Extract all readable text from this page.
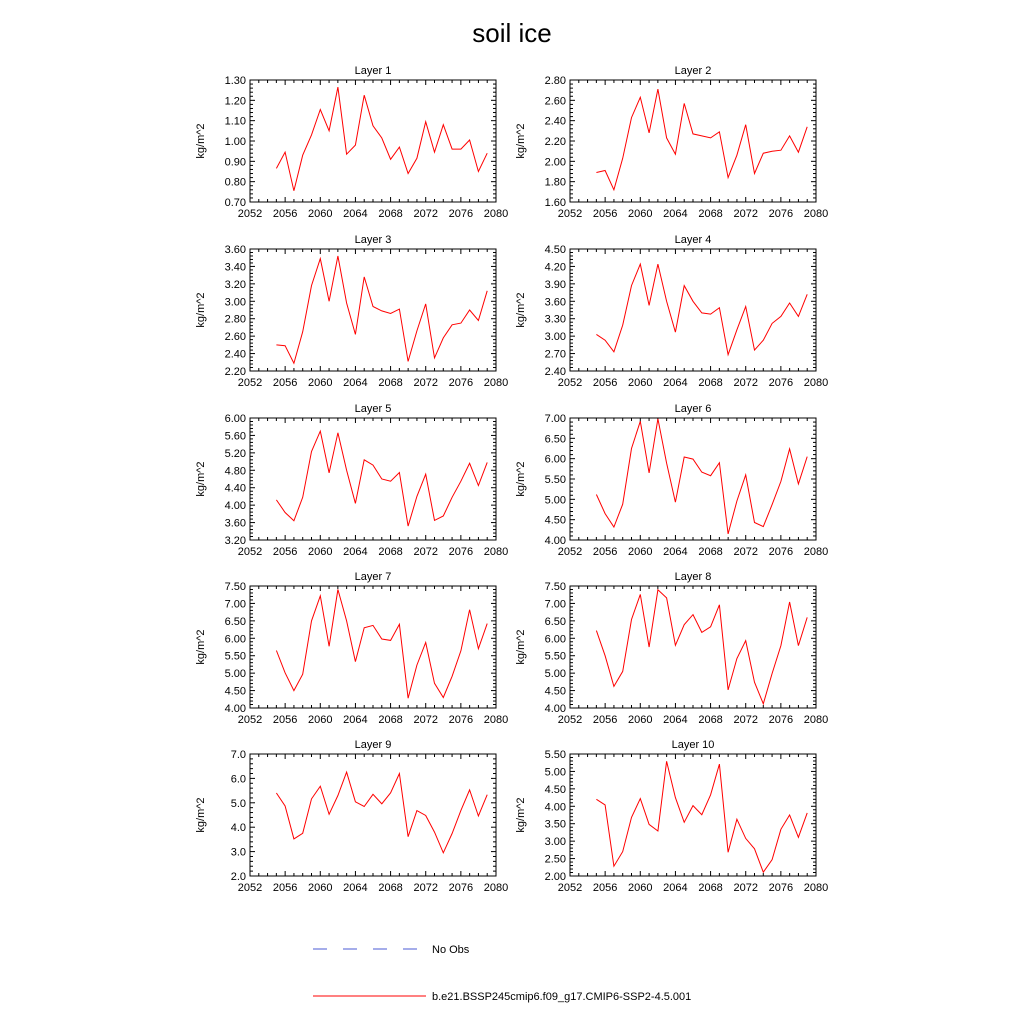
soil ice
Layer 1
kg/m^2
0.70
0.80
0.90
1.00
1.10
1.20
1.30
2052 2056 2060 2064 2068 2072 2076 2080
Layer 2
kg/m^2
1.60
1.80
2.00
2.20
2.40
2.60
2.80
2052 2056 2060 2064 2068 2072 2076 2080
Layer 3
kg/m^2
2.20
2.40
2.60
2.80
3.00
3.20
3.40
3.60
2052 2056 2060 2064 2068 2072 2076 2080
Layer 4
kg/m^2
2.40
2.70
3.00
3.30
3.60
3.90
4.20
4.50
2052 2056 2060 2064 2068 2072 2076 2080
Layer 5
kg/m^2
3.20
3.60
4.00
4.40
4.80
5.20
5.60
6.00
2052 2056 2060 2064 2068 2072 2076 2080
Layer 6
kg/m^2
4.00
4.50
5.00
5.50
6.00
6.50
7.00
2052 2056 2060 2064 2068 2072 2076 2080
Layer 7
kg/m^2
4.00
4.50
5.00
5.50
6.00
6.50
7.00
7.50
2052 2056 2060 2064 2068 2072 2076 2080
Layer 8
kg/m^2
4.00
4.50
5.00
5.50
6.00
6.50
7.00
7.50
2052 2056 2060 2064 2068 2072 2076 2080
Layer 9
kg/m^2
2.0
3.0
4.0
5.0
6.0
7.0
2052 2056 2060 2064 2068 2072 2076 2080
Layer 10
kg/m^2
2.00
2.50
3.00
3.50
4.00
4.50
5.00
5.50
2052 2056 2060 2064 2068 2072 2076 2080
No Obs
b.e21.BSSP245cmip6.f09_g17.CMIP6-SSP2-4.5.001
